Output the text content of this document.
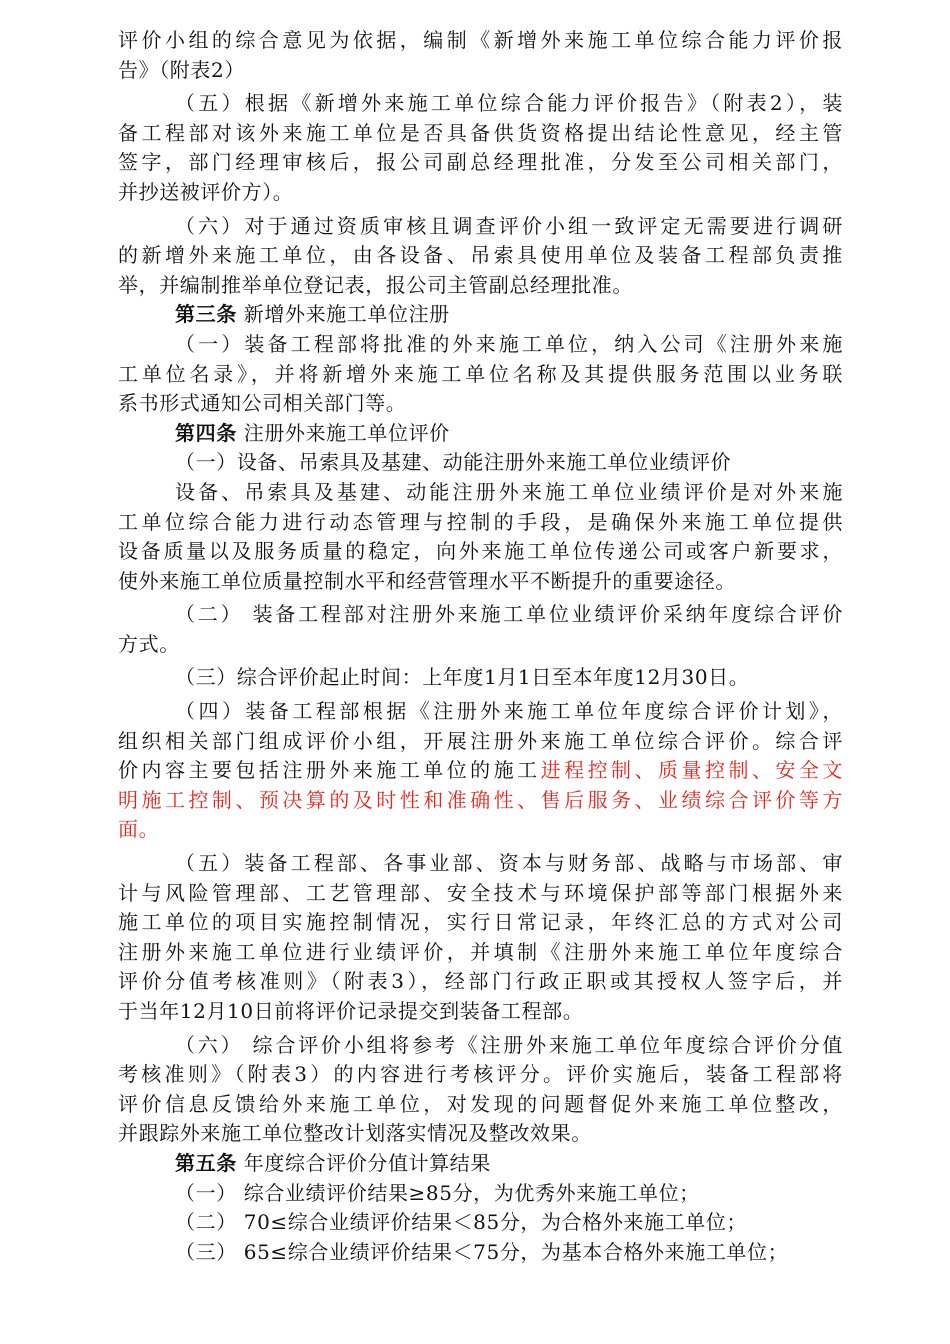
评价小组的综合意见为依据，编制《新增外来施工单位综合能力评价报
告》（附表2）
（五）根据《新增外来施工单位综合能力评价报告》（附表2），装
备工程部对该外来施工单位是否具备供货资格提出结论性意见，经主管
签字，部门经理审核后，报公司副总经理批准，分发至公司相关部门，
并抄送被评价方）。
（六）对于通过资质审核且调查评价小组一致评定无需要进行调研
的新增外来施工单位，由各设备、吊索具使用单位及装备工程部负责推
举，并编制推举单位登记表，报公司主管副总经理批准。
第三条 新增外来施工单位注册
（一）装备工程部将批准的外来施工单位，纳入公司《注册外来施
工单位名录》，并将新增外来施工单位名称及其提供服务范围以业务联
系书形式通知公司相关部门等。
第四条 注册外来施工单位评价
（一）设备、吊索具及基建、动能注册外来施工单位业绩评价
设备、吊索具及基建、动能注册外来施工单位业绩评价是对外来施
工单位综合能力进行动态管理与控制的手段，是确保外来施工单位提供
设备质量以及服务质量的稳定，向外来施工单位传递公司或客户新要求，
使外来施工单位质量控制水平和经营管理水平不断提升的重要途径。
（二） 装备工程部对注册外来施工单位业绩评价采纳年度综合评价
方式。
（三）综合评价起止时间：上年度1月1日至本年度12月30日。
（四）装备工程部根据《注册外来施工单位年度综合评价计划》，
组织相关部门组成评价小组，开展注册外来施工单位综合评价。综合评
价内容主要包括注册外来施工单位的施工进程控制、质量控制、安全文
明施工控制、预决算的及时性和准确性、售后服务、业绩综合评价等方
面。
（五）装备工程部、各事业部、资本与财务部、战略与市场部、审
计与风险管理部、工艺管理部、安全技术与环境保护部等部门根据外来
施工单位的项目实施控制情况，实行日常记录，年终汇总的方式对公司
注册外来施工单位进行业绩评价，并填制《注册外来施工单位年度综合
评价分值考核准则》（附表3），经部门行政正职或其授权人签字后，并
于当年12月10日前将评价记录提交到装备工程部。
（六） 综合评价小组将参考《注册外来施工单位年度综合评价分值
考核准则》（附表3）的内容进行考核评分。评价实施后，装备工程部将
评价信息反馈给外来施工单位，对发现的问题督促外来施工单位整改，
并跟踪外来施工单位整改计划落实情况及整改效果。
第五条 年度综合评价分值计算结果
（一） 综合业绩评价结果≥85分，为优秀外来施工单位；
（二） 70≤综合业绩评价结果＜85分，为合格外来施工单位；
（三） 65≤综合业绩评价结果＜75分，为基本合格外来施工单位；
